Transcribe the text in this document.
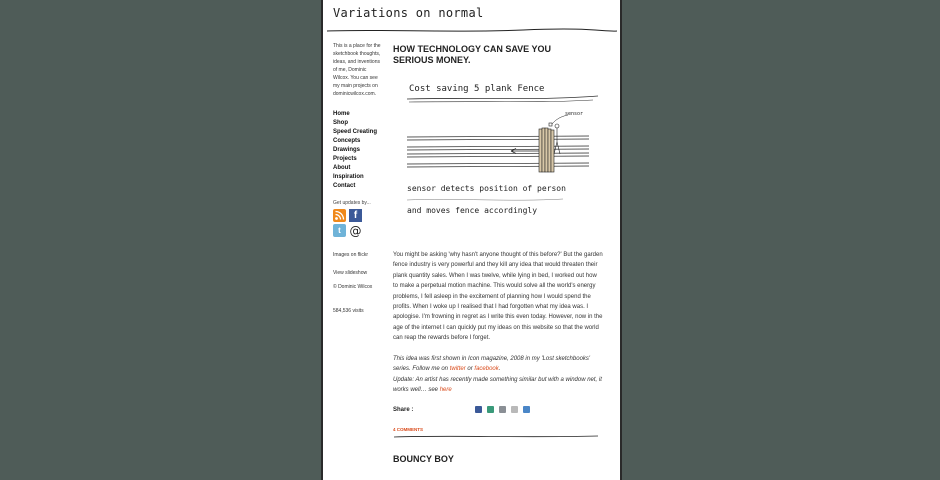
Variations on normal
This is a place for the sketchbook thoughts, ideas, and inventions of me, Dominic Wilcox. You can see my main projects on dominicwilcox.com.
Home
Shop
Speed Creating
Concepts
Drawings
Projects
About
Inspiration
Contact
Get updates by...
f
t @
Images on flickr
View slideshow
© Dominic Wilcox
584,536 visits
HOW TECHNOLOGY CAN SAVE YOU SERIOUS MONEY.
Cost saving 5 plank Fence
sensor
sensor detects position of person
and moves fence accordingly

You might be asking 'why hasn't anyone thought of this before?' But the garden fence industry is very powerful and they kill any idea that would threaten their plank quantity sales. When I was twelve, while lying in bed, I worked out how to make a perpetual motion machine. This would solve all the world's energy problems, I fell asleep in the excitement of planning how I would spend the profits. When I woke up I realised that I had forgotten what my idea was. I apologise. I'm frowning in regret as I write this even today. However, now in the age of the internet I can quickly put my ideas on this website so that the world can reap the rewards before I forget.

This idea was first shown in Icon magazine, 2008 in my 'Lost sketchbooks' series. Follow me on twitter or facebook.
Update: An artist has recently made something similar but with a window net, it works well… see here

Share :
4 COMMENTS
BOUNCY BOY
